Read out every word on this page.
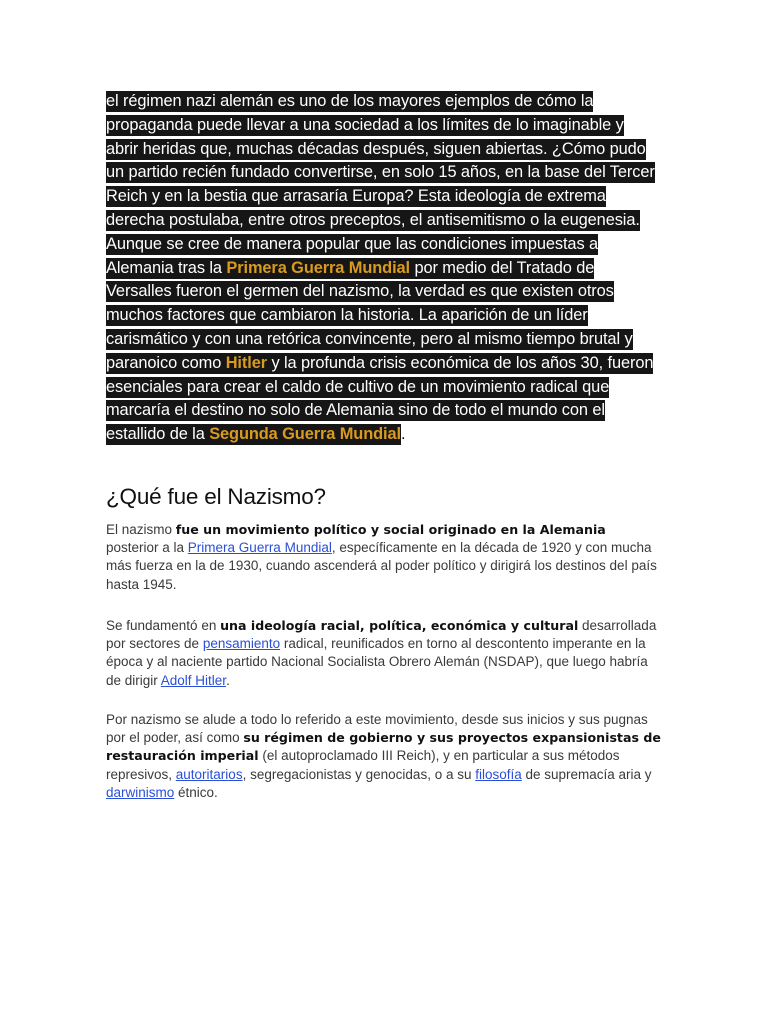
el régimen nazi alemán es uno de los mayores ejemplos de cómo la propaganda puede llevar a una sociedad a los límites de lo imaginable y abrir heridas que, muchas décadas después, siguen abiertas. ¿Cómo pudo un partido recién fundado convertirse, en solo 15 años, en la base del Tercer Reich y en la bestia que arrasaría Europa? Esta ideología de extrema derecha postulaba, entre otros preceptos, el antisemitismo o la eugenesia. Aunque se cree de manera popular que las condiciones impuestas a Alemania tras la Primera Guerra Mundial por medio del Tratado de Versalles fueron el germen del nazismo, la verdad es que existen otros muchos factores que cambiaron la historia. La aparición de un líder carismático y con una retórica convincente, pero al mismo tiempo brutal y paranoico como Hitler y la profunda crisis económica de los años 30, fueron esenciales para crear el caldo de cultivo de un movimiento radical que marcaría el destino no solo de Alemania sino de todo el mundo con el estallido de la Segunda Guerra Mundial.
¿Qué fue el Nazismo?

El nazismo fue un movimiento político y social originado en la Alemania posterior a la Primera Guerra Mundial, específicamente en la década de 1920 y con mucha más fuerza en la de 1930, cuando ascenderá al poder político y dirigirá los destinos del país hasta 1945.

Se fundamentó en una ideología racial, política, económica y cultural desarrollada por sectores de pensamiento radical, reunificados en torno al descontento imperante en la época y al naciente partido Nacional Socialista Obrero Alemán (NSDAP), que luego habría de dirigir Adolf Hitler.

Por nazismo se alude a todo lo referido a este movimiento, desde sus inicios y sus pugnas por el poder, así como su régimen de gobierno y sus proyectos expansionistas de restauración imperial (el autoproclamado III Reich), y en particular a sus métodos represivos, autoritarios, segregacionistas y genocidas, o a su filosofía de supremacía aria y darwinismo étnico.
